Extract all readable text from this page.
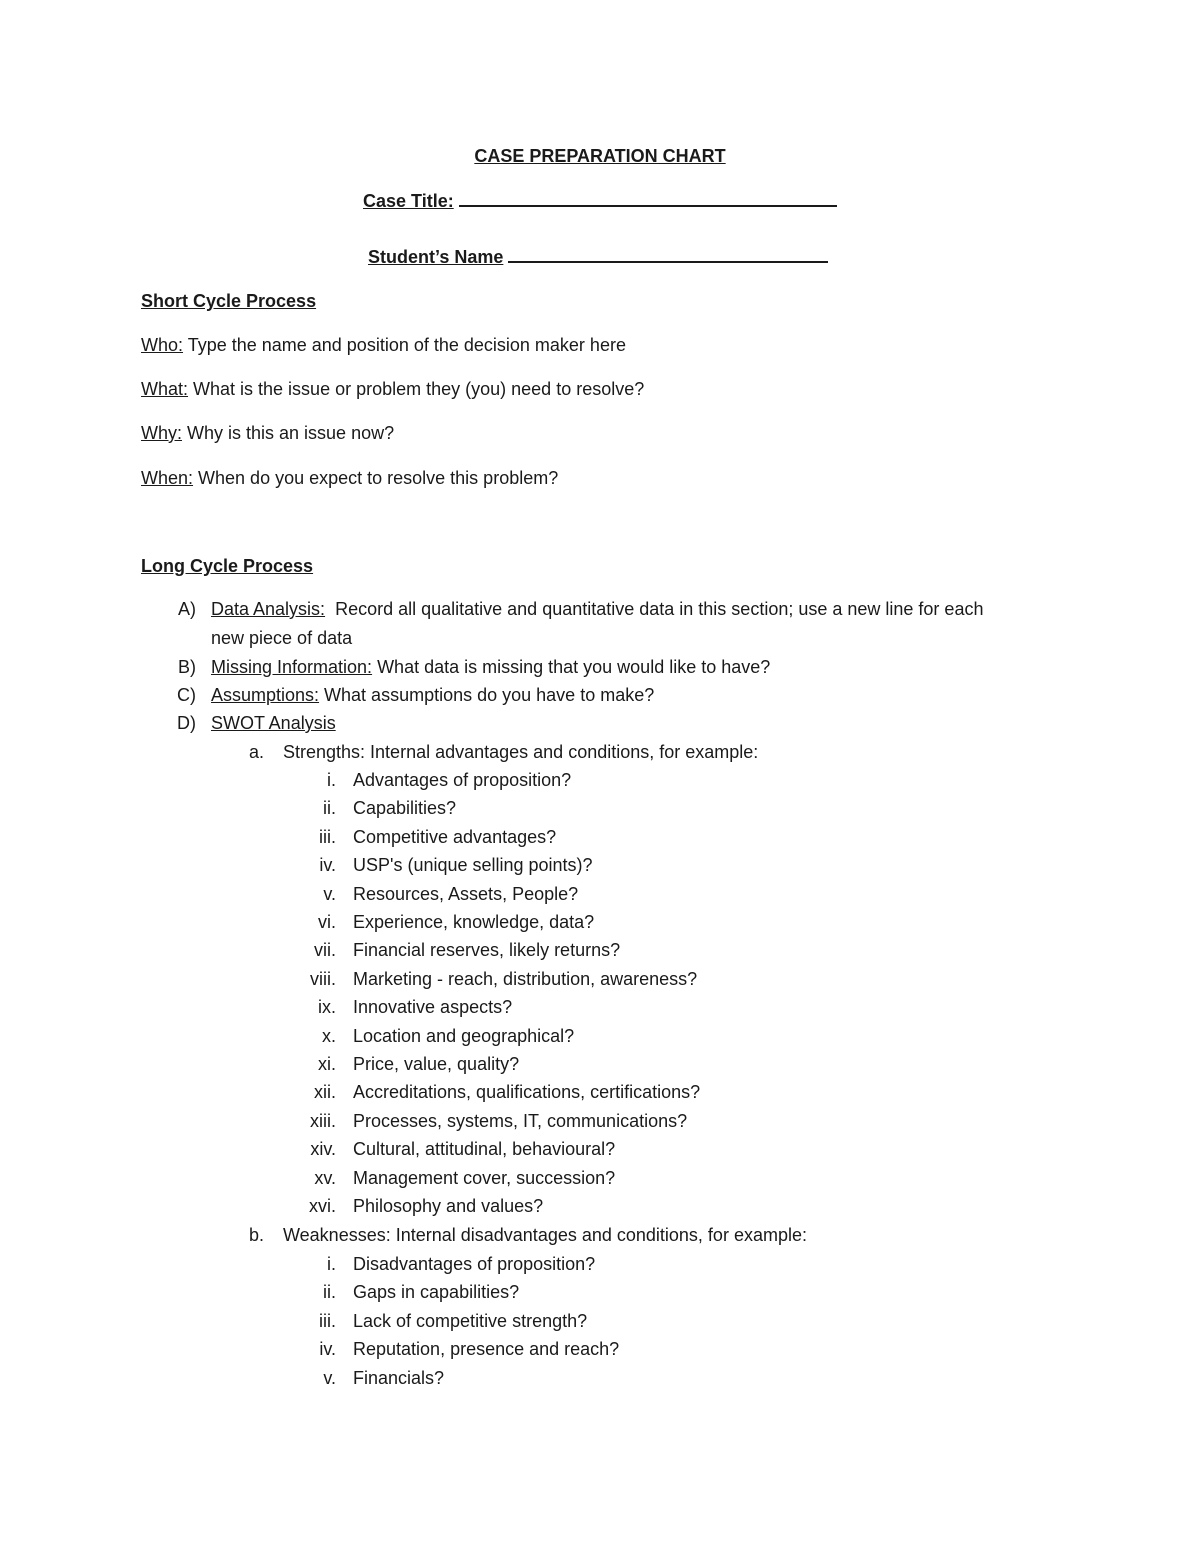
CASE PREPARATION CHART
Case Title:
Student’s Name
Short Cycle Process
Who: Type the name and position of the decision maker here
What: What is the issue or problem they (you) need to resolve?
Why: Why is this an issue now?
When: When do you expect to resolve this problem?
Long Cycle Process
A) Data Analysis:  Record all qualitative and quantitative data in this section; use a new line for each
new piece of data
B) Missing Information: What data is missing that you would like to have?
C) Assumptions: What assumptions do you have to make?
D) SWOT Analysis
a. Strengths: Internal advantages and conditions, for example:
i. Advantages of proposition?
ii. Capabilities?
iii. Competitive advantages?
iv. USP's (unique selling points)?
v. Resources, Assets, People?
vi. Experience, knowledge, data?
vii. Financial reserves, likely returns?
viii. Marketing - reach, distribution, awareness?
ix. Innovative aspects?
x. Location and geographical?
xi. Price, value, quality?
xii. Accreditations, qualifications, certifications?
xiii. Processes, systems, IT, communications?
xiv. Cultural, attitudinal, behavioural?
xv. Management cover, succession?
xvi. Philosophy and values?
b. Weaknesses: Internal disadvantages and conditions, for example:
i. Disadvantages of proposition?
ii. Gaps in capabilities?
iii. Lack of competitive strength?
iv. Reputation, presence and reach?
v. Financials?
